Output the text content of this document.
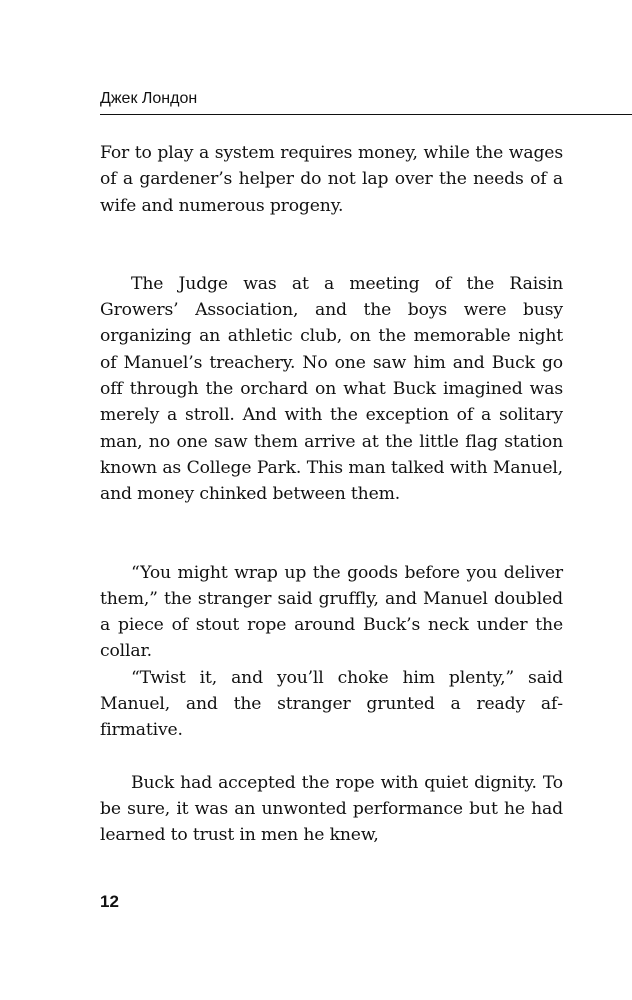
Джек Лондон

For to play a system requires money, while the wages of a gardener’s helper do not lap over the needs of a wife and numerous progeny.

The Judge was at a meeting of the Raisin Growers’ Association, and the boys were busy organizing an athletic club, on the memorable night of Manuel’s treachery. No one saw him and Buck go off through the orchard on what Buck imagined was merely a stroll. And with the exception of a solitary man, no one saw them arrive at the little flag station known as College Park. This man talked with Manuel, and money chinked between them.

“You might wrap up the goods before you deliver them,” the stranger said gruffly, and Manuel doubled a piece of stout rope around Buck’s neck under the collar.

“Twist it, and you’ll choke him plenty,” said Manuel, and the stranger grunted a ready affirmative.

Buck had accepted the rope with quiet dignity. To be sure, it was an unwonted performance but he had learned to trust in men he knew,

12
